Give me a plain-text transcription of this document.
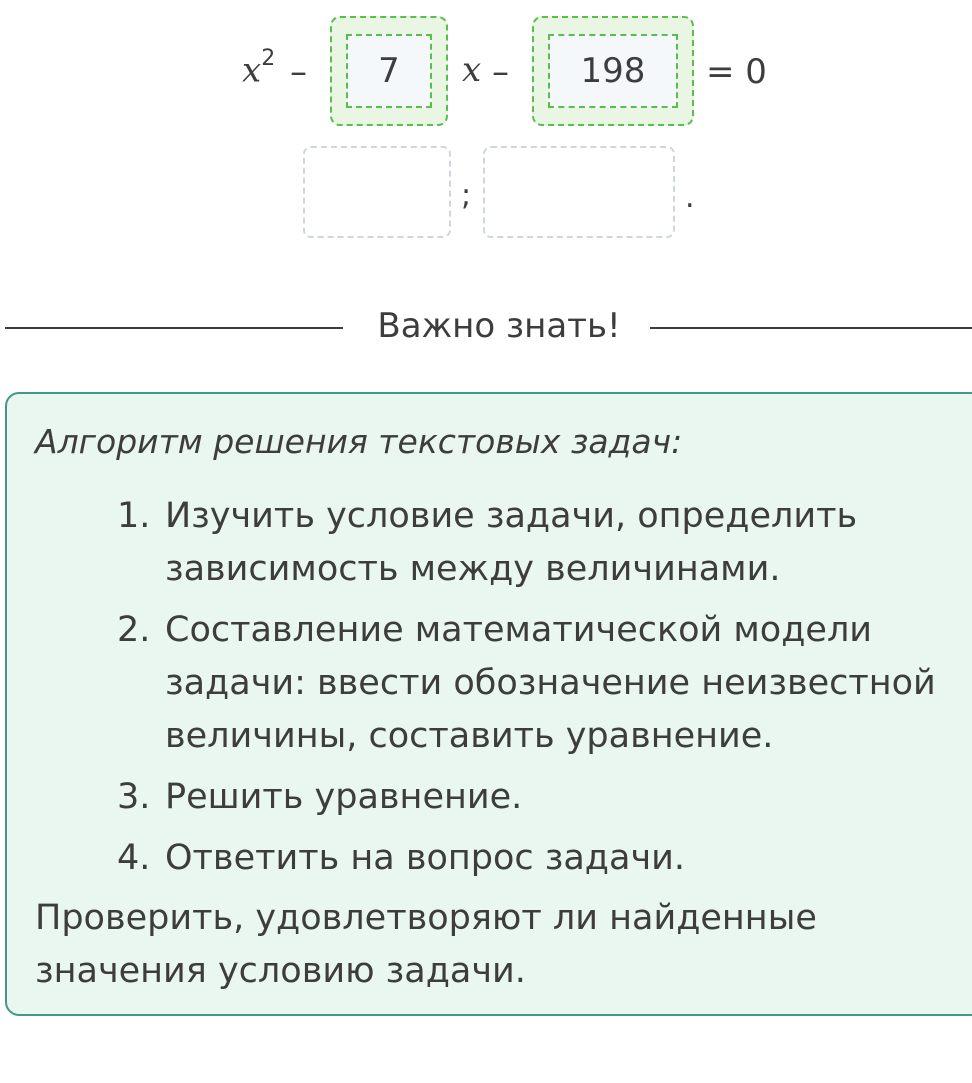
$x^2$ –	7	x –	198	= 0
;	.
Важно знать!

Алгоритм решения текстовых задач:

1. Изучить условие задачи, определить зависимость между величинами.
2. Составление математической модели задачи: ввести обозначение неизвестной величины, составить уравнение.
3. Решить уравнение.
4. Ответить на вопрос задачи.

Проверить, удовлетворяют ли найденные значения условию задачи.
